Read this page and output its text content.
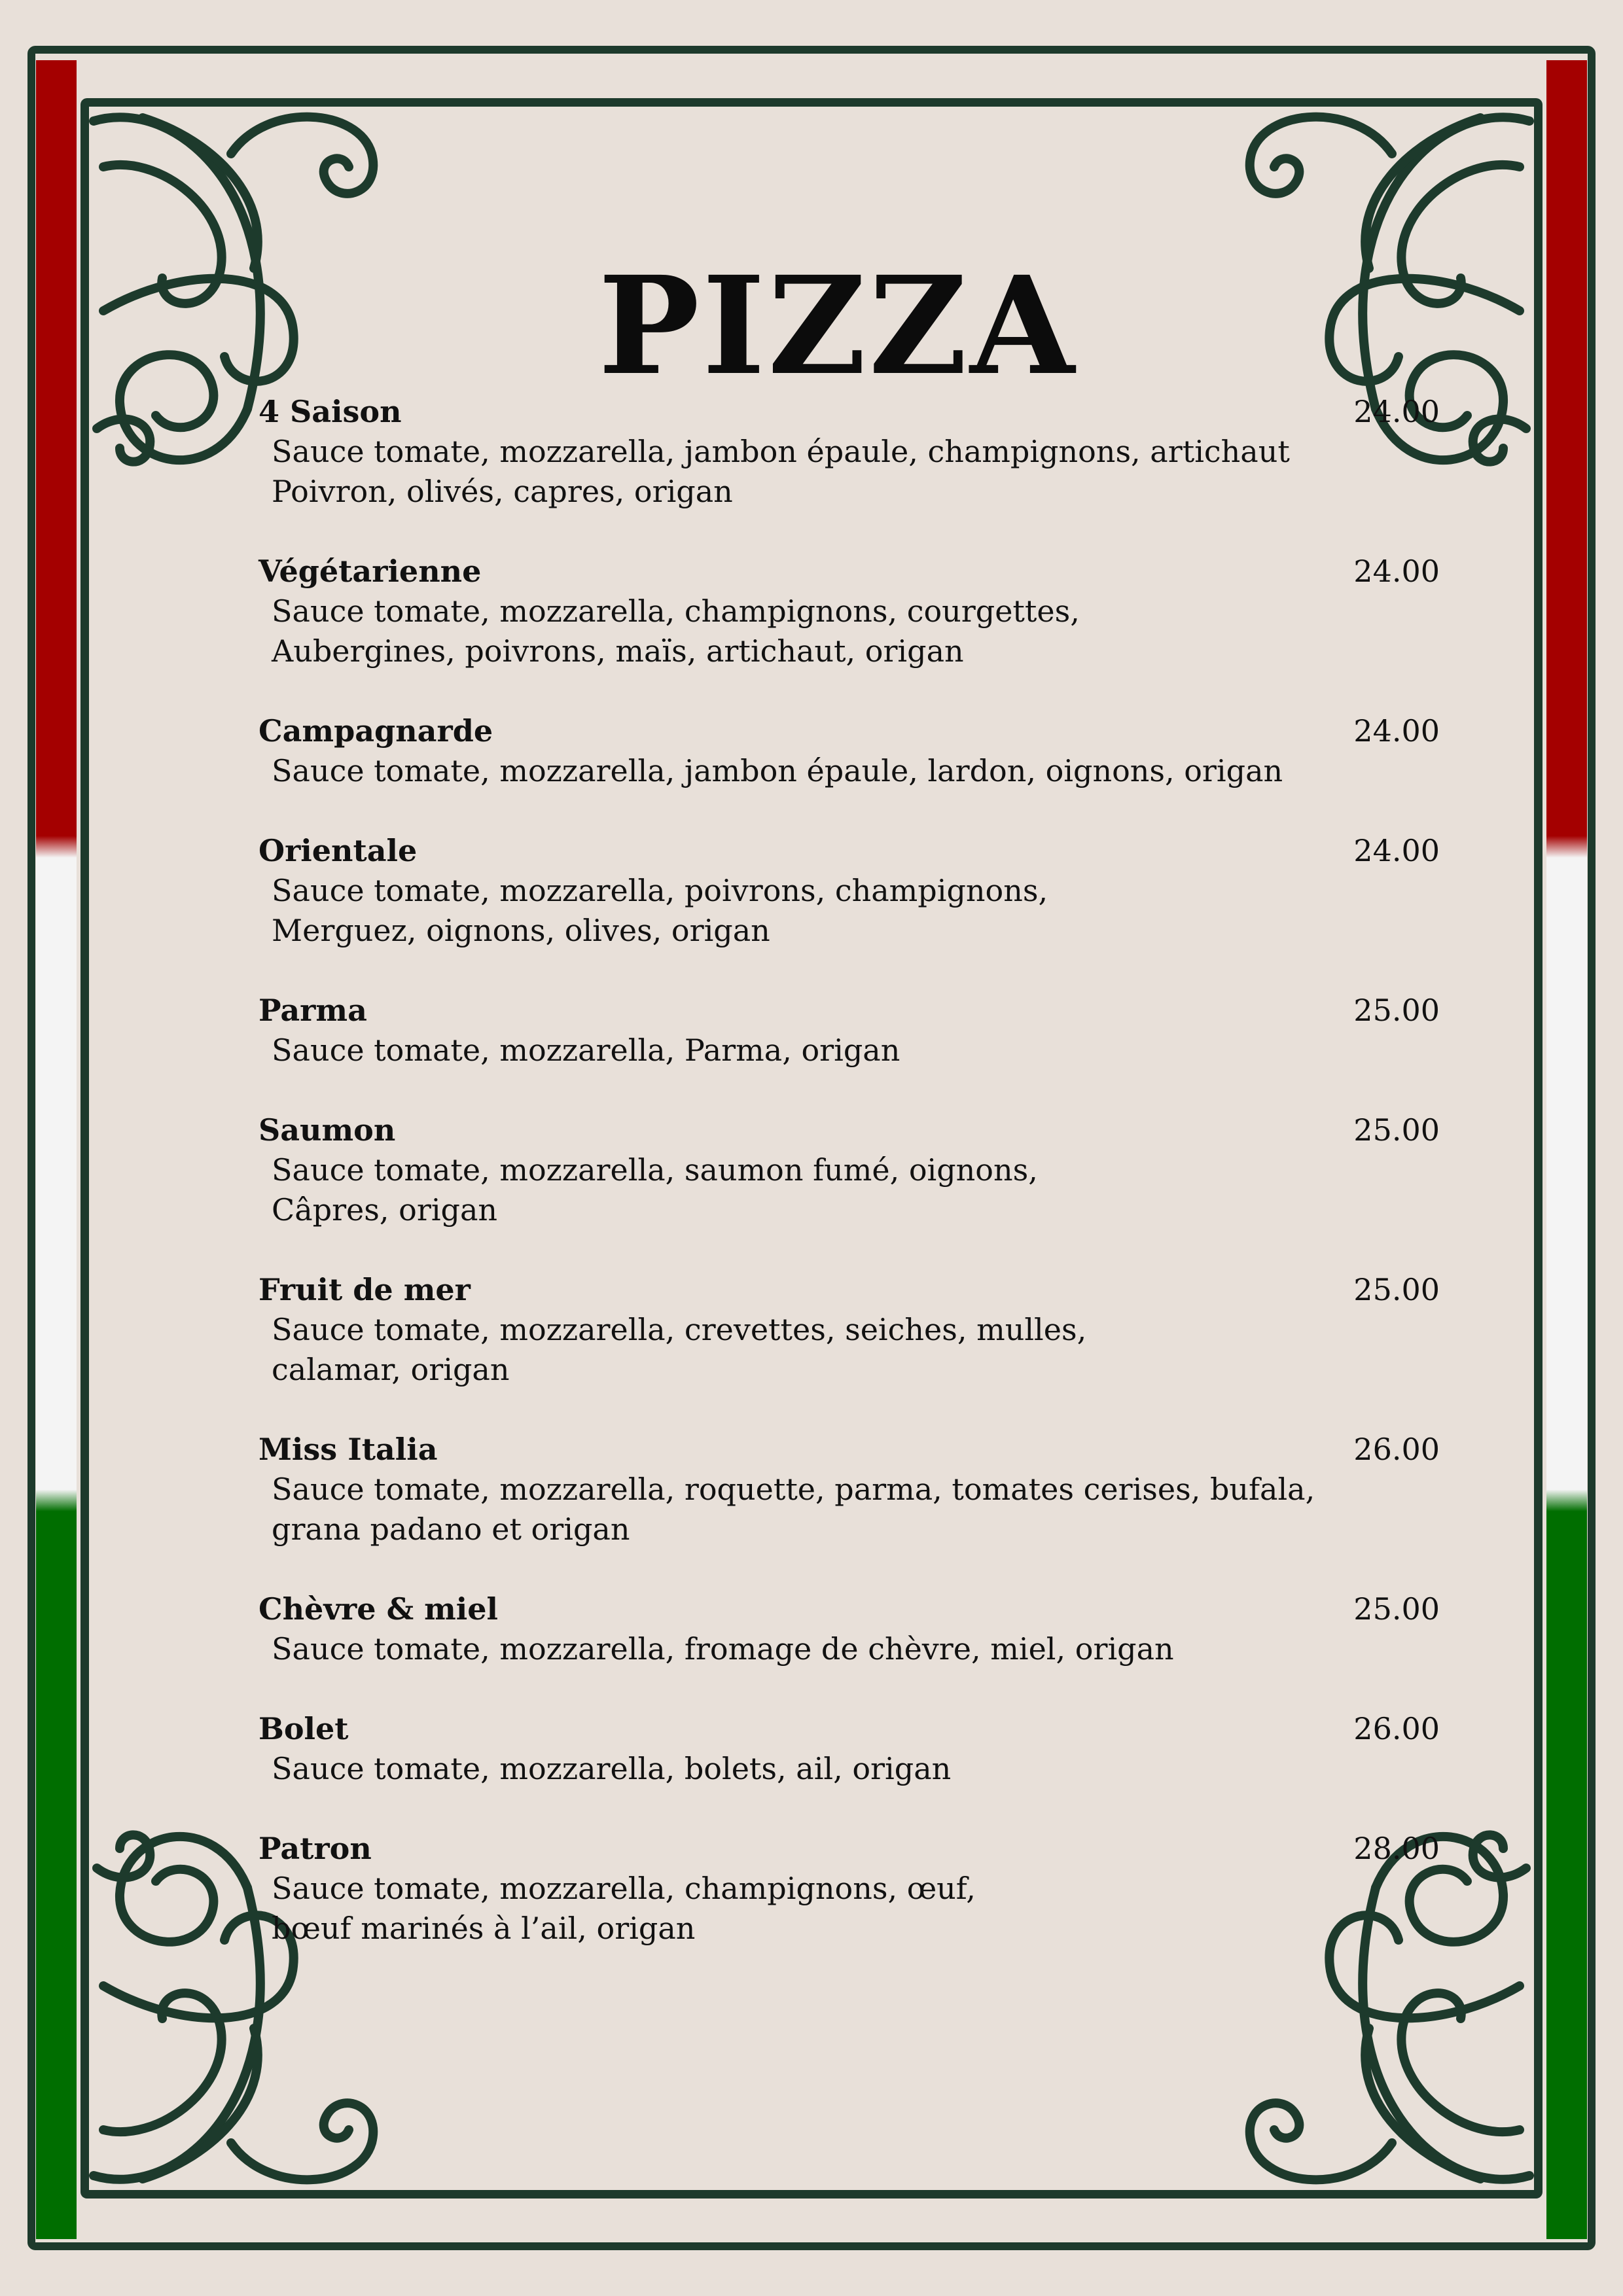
PIZZA
4 Saison	24.00
Sauce tomate, mozzarella, jambon épaule, champignons, artichaut
Poivron, olivés, capres, origan
Végétarienne	24.00
Sauce tomate, mozzarella, champignons, courgettes,
Aubergines, poivrons, maïs, artichaut, origan
Campagnarde	24.00
Sauce tomate, mozzarella, jambon épaule, lardon, oignons, origan
Orientale	24.00
Sauce tomate, mozzarella, poivrons, champignons,
Merguez, oignons, olives, origan
Parma	25.00
Sauce tomate, mozzarella, Parma, origan
Saumon	25.00
Sauce tomate, mozzarella, saumon fumé, oignons,
Câpres, origan
Fruit de mer	25.00
Sauce tomate, mozzarella, crevettes, seiches, mulles,
calamar, origan
Miss Italia	26.00
Sauce tomate, mozzarella, roquette, parma, tomates cerises, bufala,
grana padano et origan
Chèvre & miel	25.00
Sauce tomate, mozzarella, fromage de chèvre, miel, origan
Bolet	26.00
Sauce tomate, mozzarella, bolets, ail, origan
Patron	28.00
Sauce tomate, mozzarella, champignons, œuf,
bœuf marinés à l’ail, origan
